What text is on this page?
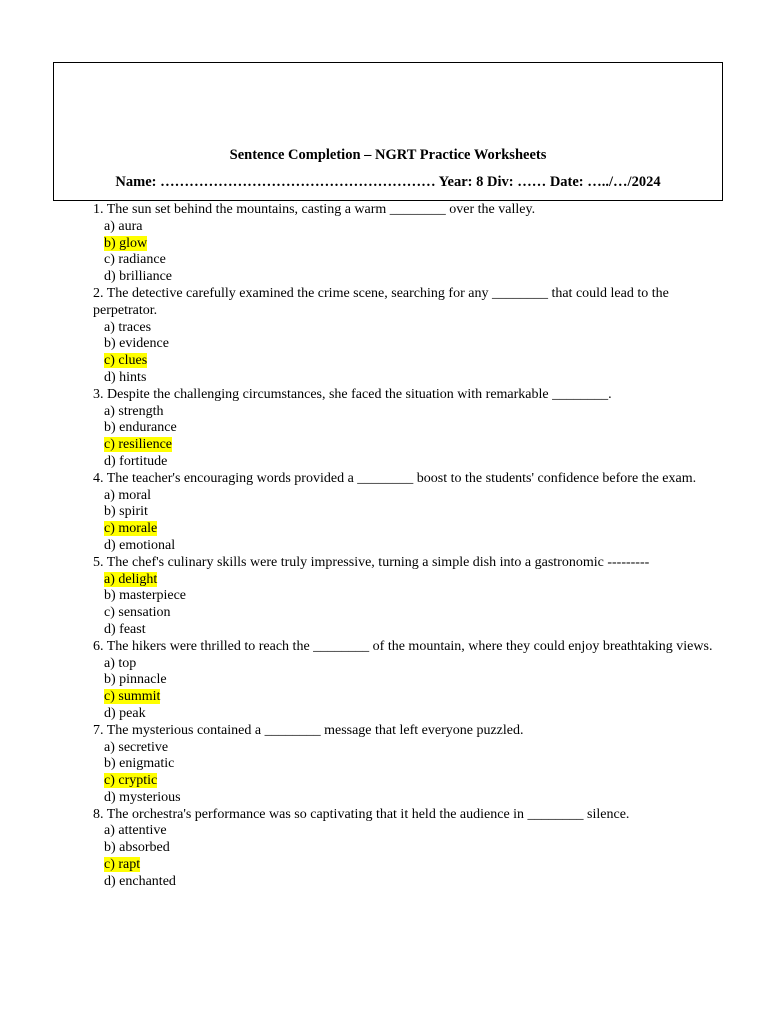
Sentence Completion – NGRT Practice Worksheets
Name: ………………………………………………… Year: 8 Div: …… Date: …../…/2024
1. The sun set behind the mountains, casting a warm ________ over the valley.
a) aura
b) glow
c) radiance
d) brilliance
2. The detective carefully examined the crime scene, searching for any ________ that could lead to the perpetrator.
a) traces
b) evidence
c) clues
d) hints
3. Despite the challenging circumstances, she faced the situation with remarkable ________.
a) strength
b) endurance
c) resilience
d) fortitude
4. The teacher's encouraging words provided a ________ boost to the students' confidence before the exam.
a) moral
b) spirit
c) morale
d) emotional
5. The chef's culinary skills were truly impressive, turning a simple dish into a gastronomic ---------
a) delight
b) masterpiece
c) sensation
d) feast
6. The hikers were thrilled to reach the ________ of the mountain, where they could enjoy breathtaking views.
a) top
b) pinnacle
c) summit
d) peak
7. The mysterious contained a ________ message that left everyone puzzled.
a) secretive
b) enigmatic
c) cryptic
d) mysterious
8. The orchestra's performance was so captivating that it held the audience in ________ silence.
a) attentive
b) absorbed
c) rapt
d) enchanted
